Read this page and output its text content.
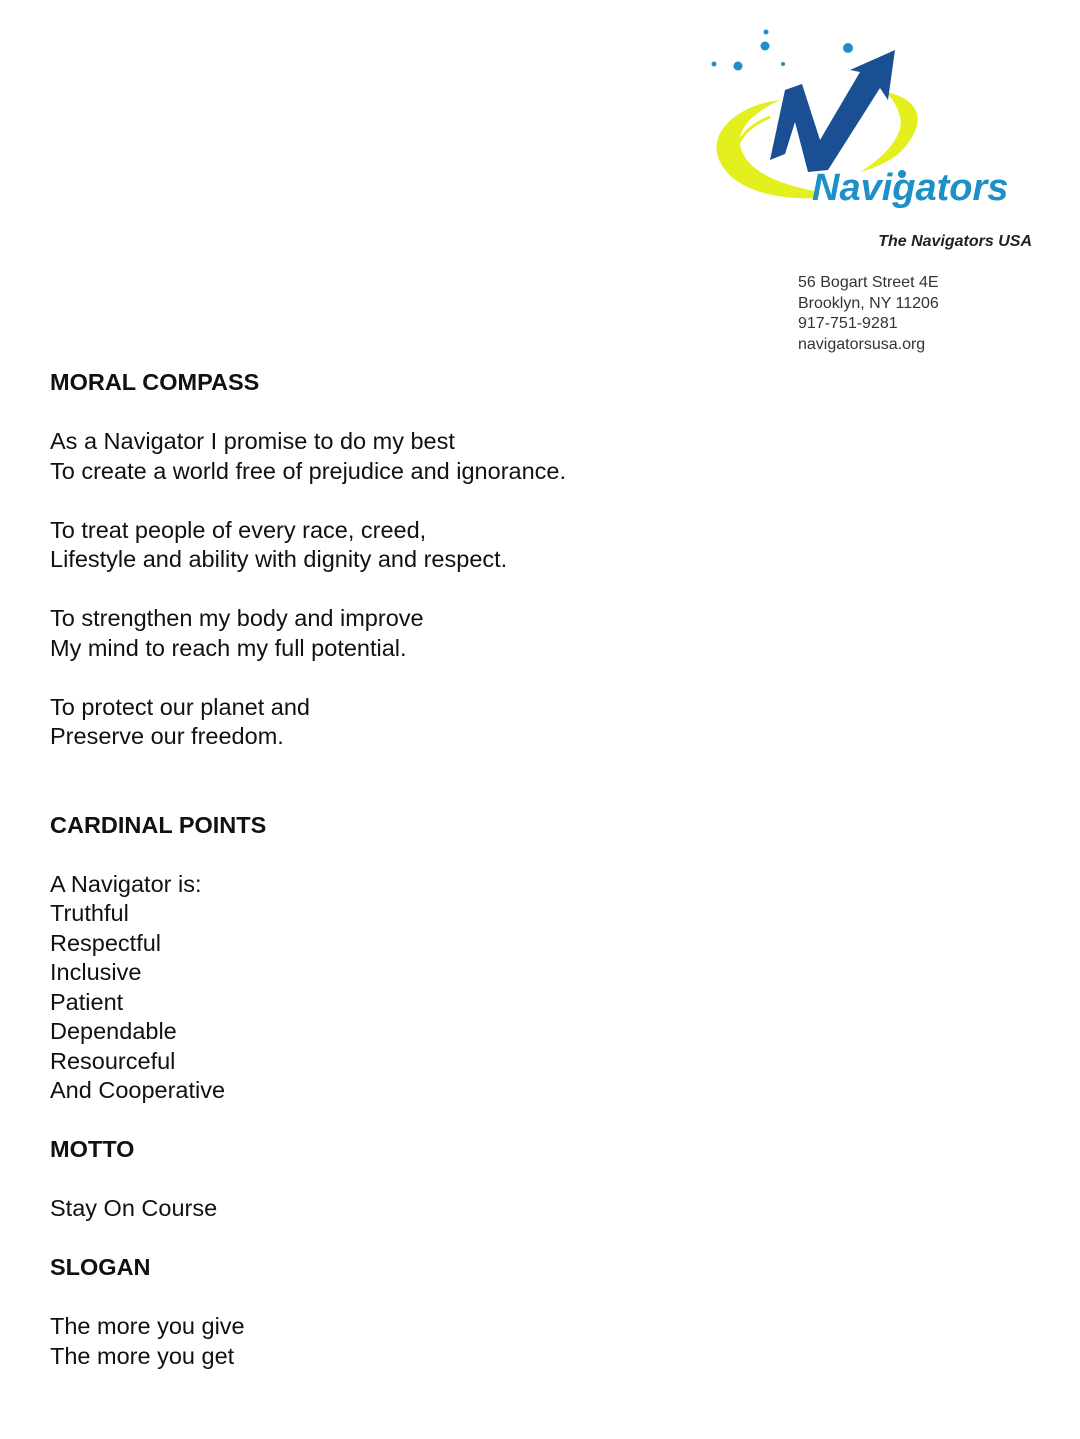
Navigators
The Navigators USA
56 Bogart Street 4E
Brooklyn, NY 11206
917-751-9281
navigatorsusa.org
MORAL COMPASS
As a Navigator I promise to do my best
To create a world free of prejudice and ignorance.
To treat people of every race, creed,
Lifestyle and ability with dignity and respect.
To strengthen my body and improve
My mind to reach my full potential.
To protect our planet and
Preserve our freedom.
CARDINAL POINTS
A Navigator is:
Truthful
Respectful
Inclusive
Patient
Dependable
Resourceful
And Cooperative
MOTTO
Stay On Course
SLOGAN
The more you give
The more you get
